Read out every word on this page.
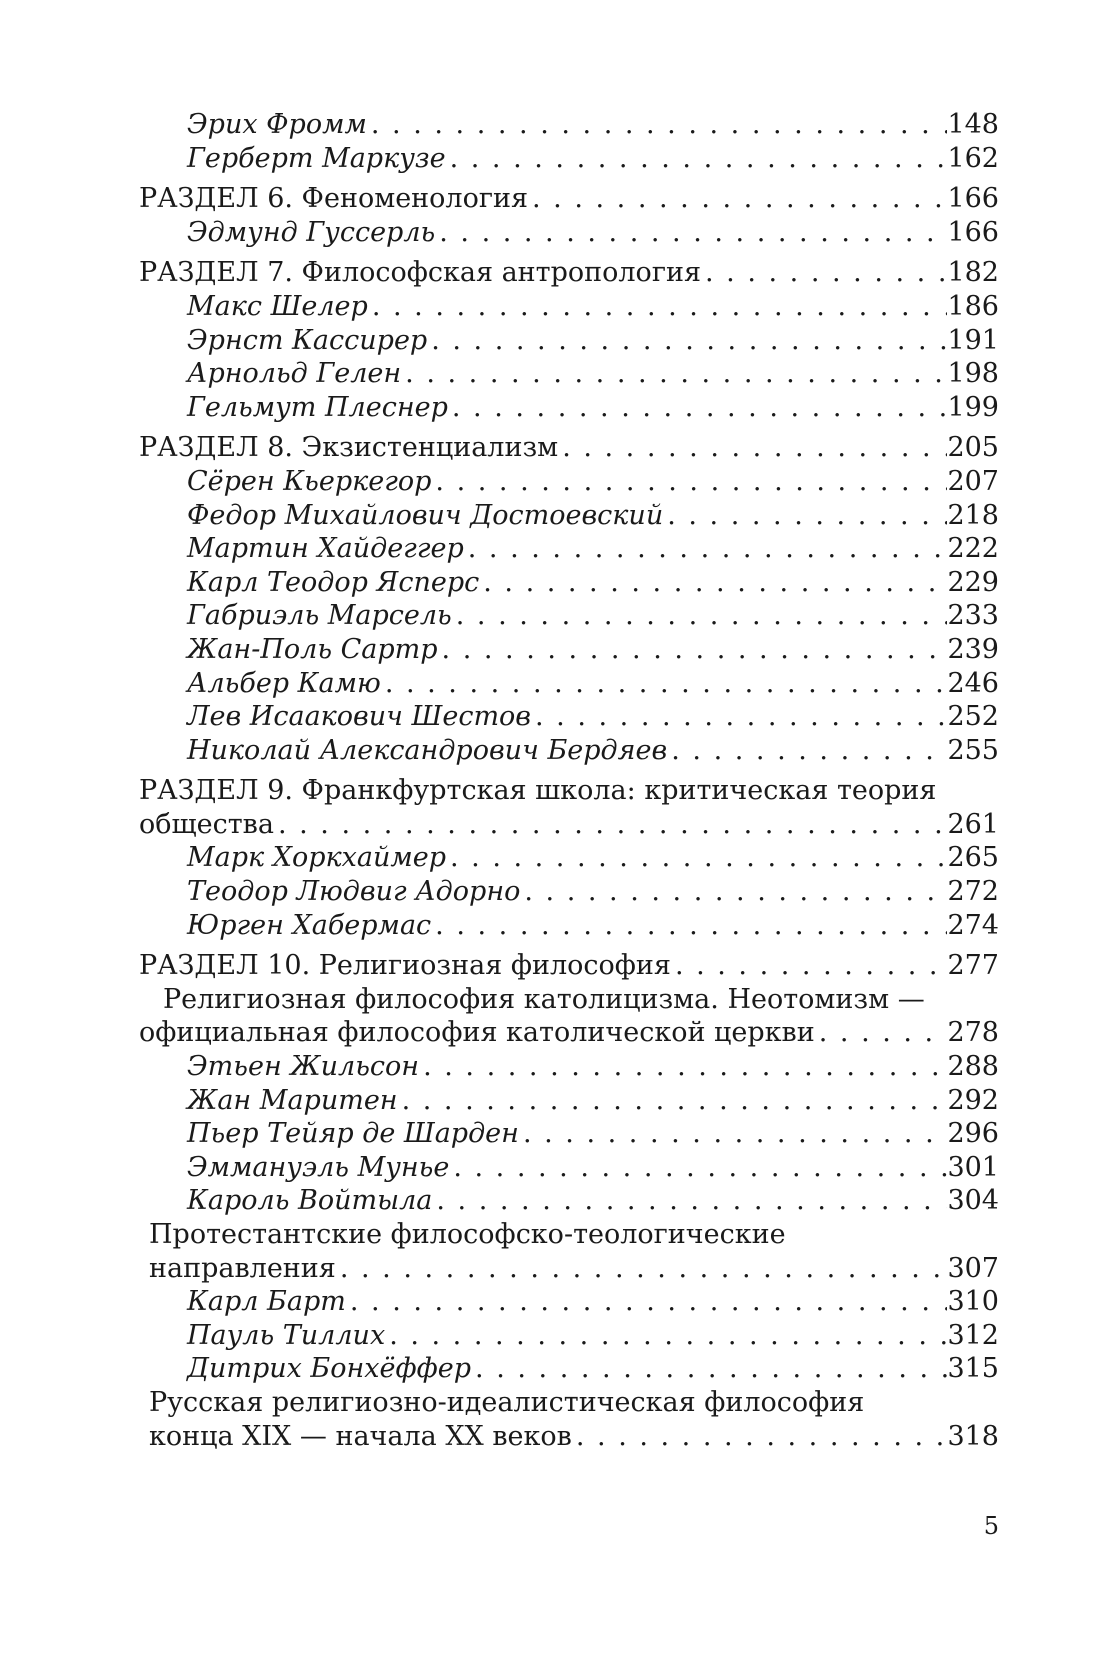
Эрих Фромм . . .	148
Герберт Маркузе . . .	162
РАЗДЕЛ 6. Феноменология . . .	166
Эдмунд Гуссерль . . .	166
РАЗДЕЛ 7. Философская антропология . . .	182
Макс Шелер . . .	186
Эрнст Кассирер . . .	191
Арнольд Гелен . . .	198
Гельмут Плеснер . . .	199
РАЗДЕЛ 8. Экзистенциализм . . .	205
Сёрен Кьеркегор . . .	207
Федор Михайлович Достоевский . . .	218
Мартин Хайдеггер . . .	222
Карл Теодор Ясперс . . .	229
Габриэль Марсель . . .	233
Жан-Поль Сартр . . .	239
Альбер Камю . . .	246
Лев Исаакович Шестов . . .	252
Николай Александрович Бердяев . . .	255
РАЗДЕЛ 9. Франкфуртская школа: критическая теория
общества . . .	261
Марк Хоркхаймер . . .	265
Теодор Людвиг Адорно . . .	272
Юрген Хабермас . . .	274
РАЗДЕЛ 10. Религиозная философия . . .	277
Религиозная философия католицизма. Неотомизм —
официальная философия католической церкви . . .	278
Этьен Жильсон . . .	288
Жан Маритен . . .	292
Пьер Тейяр де Шарден . . .	296
Эммануэль Мунье . . .	301
Кароль Войтыла . . .	304
Протестантские философско-теологические
направления . . .	307
Карл Барт . . .	310
Пауль Тиллих . . .	312
Дитрих Бонхёффер . . .	315
Русская религиозно-идеалистическая философия
конца XIX — начала XX веков . . .	318
5
